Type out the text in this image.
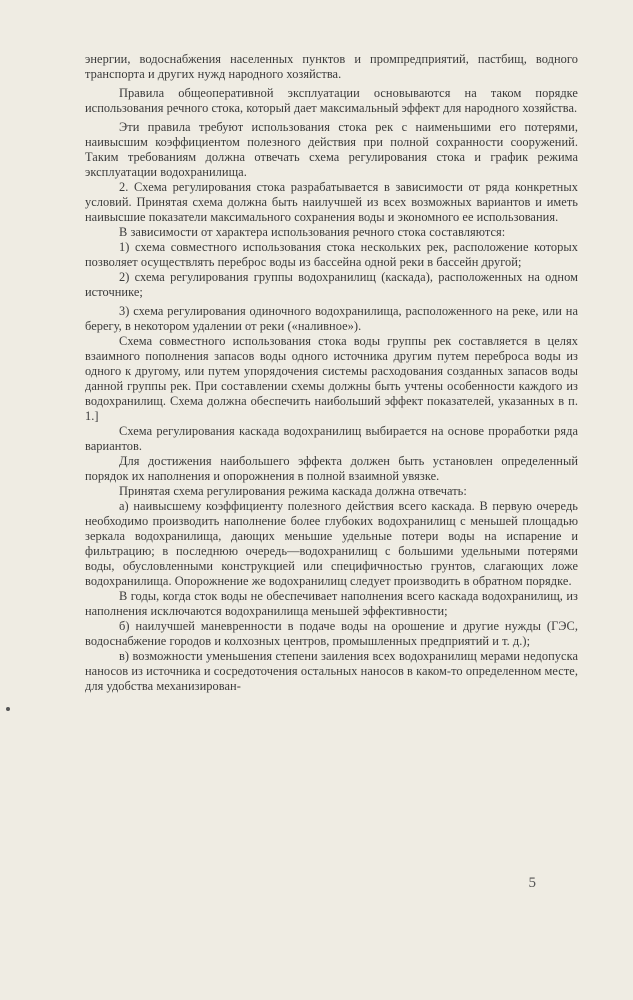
энергии, водоснабжения населенных пунктов и промпредприятий, пастбищ, водного транспорта и других нужд народного хозяйства.

Правила общеоперативной эксплуатации основываются на таком порядке использования речного стока, который дает максимальный эффект для народного хозяйства.

Эти правила требуют использования стока рек с наименьшими его потерями, наивысшим коэффициентом полезного действия при полной сохранности сооружений. Таким требованиям должна отвечать схема регулирования стока и график режима эксплуатации водохранилища.

2. Схема регулирования стока разрабатывается в зависимости от ряда конкретных условий. Принятая схема должна быть наилучшей из всех возможных вариантов и иметь наивысшие показатели максимального сохранения воды и экономного ее использования.

В зависимости от характера использования речного стока составляются:

1) схема совместного использования стока нескольких рек, расположение которых позволяет осуществлять переброс воды из бассейна одной реки в бассейн другой;

2) схема регулирования группы водохранилищ (каскада), расположенных на одном источнике;

3) схема регулирования одиночного водохранилища, расположенного на реке, или на берегу, в некотором удалении от реки («наливное»).

Схема совместного использования стока воды группы рек составляется в целях взаимного пополнения запасов воды одного источника другим путем переброса воды из одного к другому, или путем упорядочения системы расходования созданных запасов воды данной группы рек. При составлении схемы должны быть учтены особенности каждого из водохранилищ. Схема должна обеспечить наибольший эффект показателей, указанных в п. 1.]

Схема регулирования каскада водохранилищ выбирается на основе проработки ряда вариантов.

Для достижения наибольшего эффекта должен быть установлен определенный порядок их наполнения и опорожнения в полной взаимной увязке.

Принятая схема регулирования режима каскада должна отвечать:

а) наивысшему коэффициенту полезного действия всего каскада. В первую очередь необходимо производить наполнение более глубоких водохранилищ с меньшей площадью зеркала водохранилища, дающих меньшие удельные потери воды на испарение и фильтрацию; в последнюю очередь—водохранилищ с большими удельными потерями воды, обусловленными конструкцией или специфичностью грунтов, слагающих ложе водохранилища. Опорожнение же водохранилищ следует производить в обратном порядке.

В годы, когда сток воды не обеспечивает наполнения всего каскада водохранилищ, из наполнения исключаются водохранилища меньшей эффективности;

б) наилучшей маневренности в подаче воды на орошение и другие нужды (ГЭС, водоснабжение городов и колхозных центров, промышленных предприятий и т. д.);

в) возможности уменьшения степени заиления всех водохранилищ мерами недопуска наносов из источника и сосредоточения остальных наносов в каком-то определенном месте, для удобства механизирован-

5
